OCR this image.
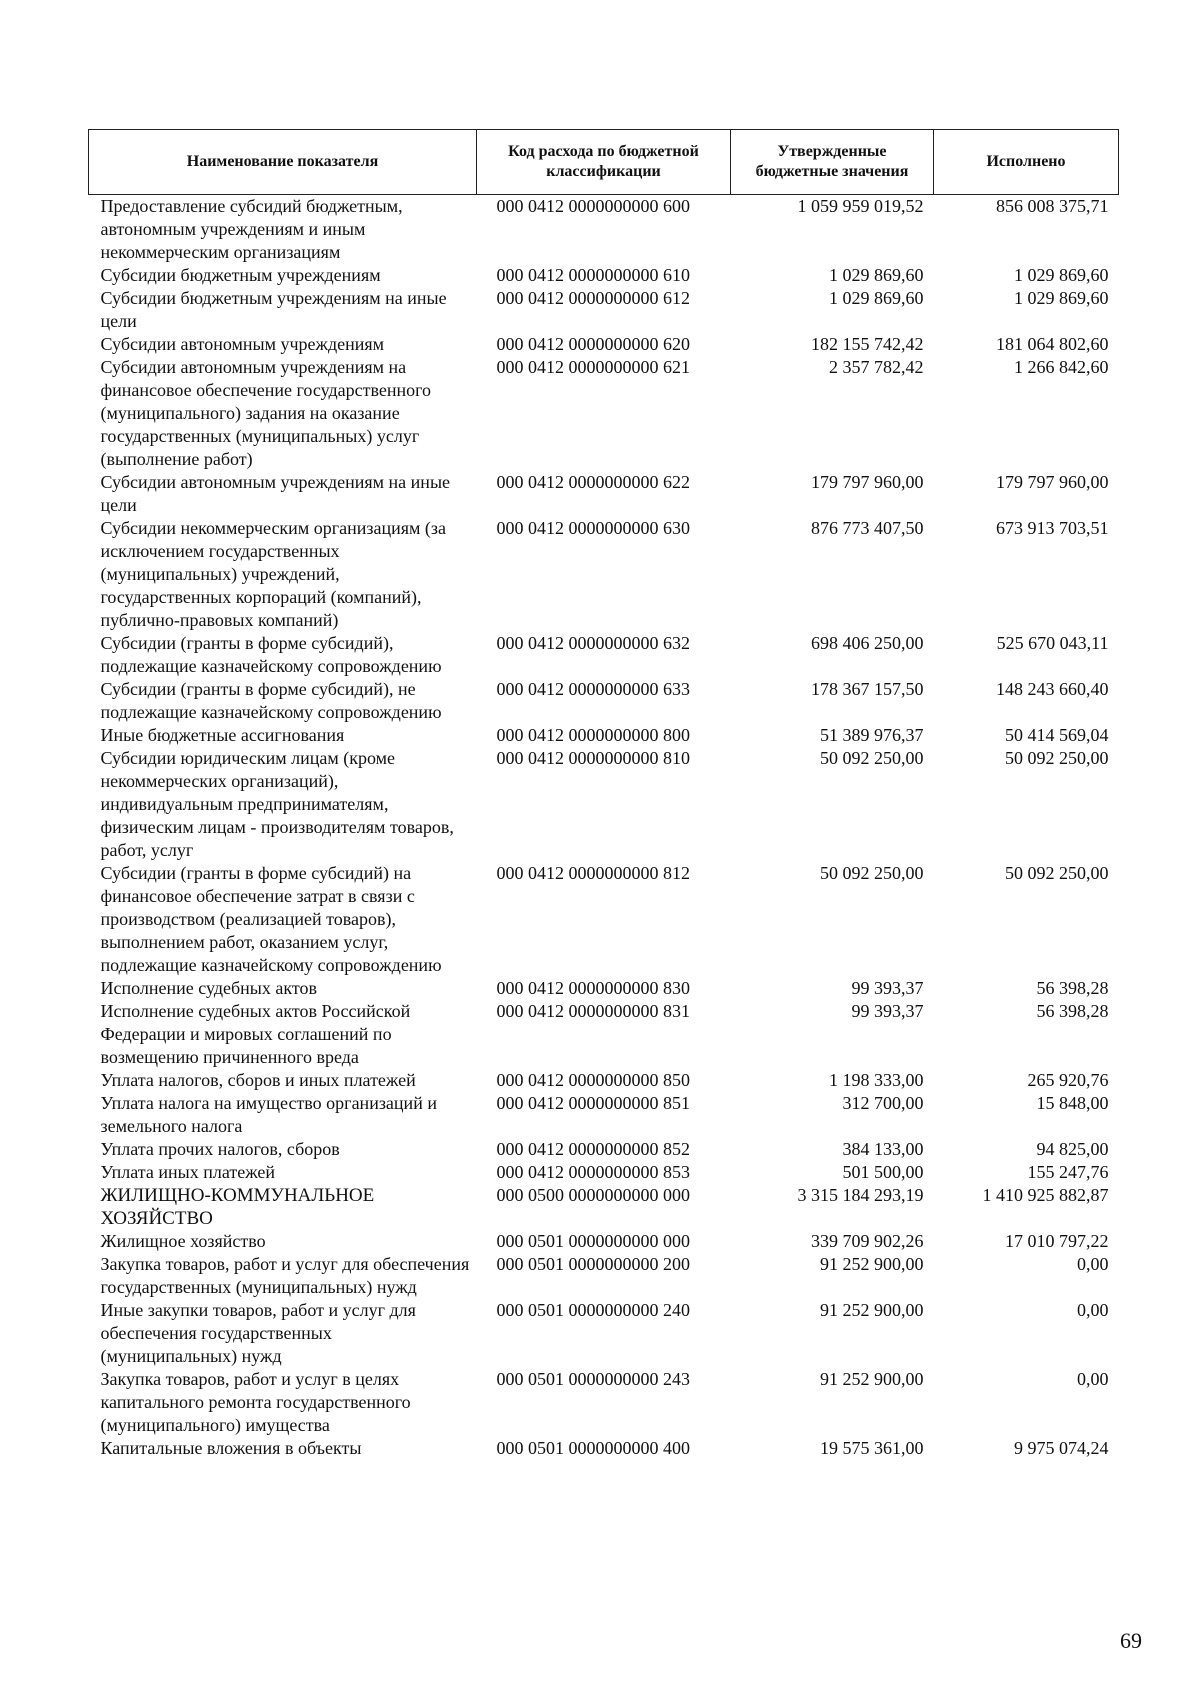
Наименование показателя	Код расхода по бюджетной классификации	Утвержденные бюджетные значения	Исполнено
Предоставление субсидий бюджетным, автономным учреждениям и иным некоммерческим организациям	000 0412 0000000000 600	1 059 959 019,52	856 008 375,71
Субсидии бюджетным учреждениям	000 0412 0000000000 610	1 029 869,60	1 029 869,60
Субсидии бюджетным учреждениям на иные цели	000 0412 0000000000 612	1 029 869,60	1 029 869,60
Субсидии автономным учреждениям	000 0412 0000000000 620	182 155 742,42	181 064 802,60
Субсидии автономным учреждениям на финансовое обеспечение государственного (муниципального) задания на оказание государственных (муниципальных) услуг (выполнение работ)	000 0412 0000000000 621	2 357 782,42	1 266 842,60
Субсидии автономным учреждениям на иные цели	000 0412 0000000000 622	179 797 960,00	179 797 960,00
Субсидии некоммерческим организациям (за исключением государственных (муниципальных) учреждений, государственных корпораций (компаний), публично-правовых компаний)	000 0412 0000000000 630	876 773 407,50	673 913 703,51
Субсидии (гранты в форме субсидий), подлежащие казначейскому сопровождению	000 0412 0000000000 632	698 406 250,00	525 670 043,11
Субсидии (гранты в форме субсидий), не подлежащие казначейскому сопровождению	000 0412 0000000000 633	178 367 157,50	148 243 660,40
Иные бюджетные ассигнования	000 0412 0000000000 800	51 389 976,37	50 414 569,04
Субсидии юридическим лицам (кроме некоммерческих организаций), индивидуальным предпринимателям, физическим лицам - производителям товаров, работ, услуг	000 0412 0000000000 810	50 092 250,00	50 092 250,00
Субсидии (гранты в форме субсидий) на финансовое обеспечение затрат в связи с производством (реализацией товаров), выполнением работ, оказанием услуг, подлежащие казначейскому сопровождению	000 0412 0000000000 812	50 092 250,00	50 092 250,00
Исполнение судебных актов	000 0412 0000000000 830	99 393,37	56 398,28
Исполнение судебных актов Российской Федерации и мировых соглашений по возмещению причиненного вреда	000 0412 0000000000 831	99 393,37	56 398,28
Уплата налогов, сборов и иных платежей	000 0412 0000000000 850	1 198 333,00	265 920,76
Уплата налога на имущество организаций и земельного налога	000 0412 0000000000 851	312 700,00	15 848,00
Уплата прочих налогов, сборов	000 0412 0000000000 852	384 133,00	94 825,00
Уплата иных платежей	000 0412 0000000000 853	501 500,00	155 247,76
ЖИЛИЩНО-КОММУНАЛЬНОЕ ХОЗЯЙСТВО	000 0500 0000000000 000	3 315 184 293,19	1 410 925 882,87
Жилищное хозяйство	000 0501 0000000000 000	339 709 902,26	17 010 797,22
Закупка товаров, работ и услуг для обеспечения государственных (муниципальных) нужд	000 0501 0000000000 200	91 252 900,00	0,00
Иные закупки товаров, работ и услуг для обеспечения государственных (муниципальных) нужд	000 0501 0000000000 240	91 252 900,00	0,00
Закупка товаров, работ и услуг в целях капитального ремонта государственного (муниципального) имущества	000 0501 0000000000 243	91 252 900,00	0,00
Капитальные вложения в объекты	000 0501 0000000000 400	19 575 361,00	9 975 074,24
69
